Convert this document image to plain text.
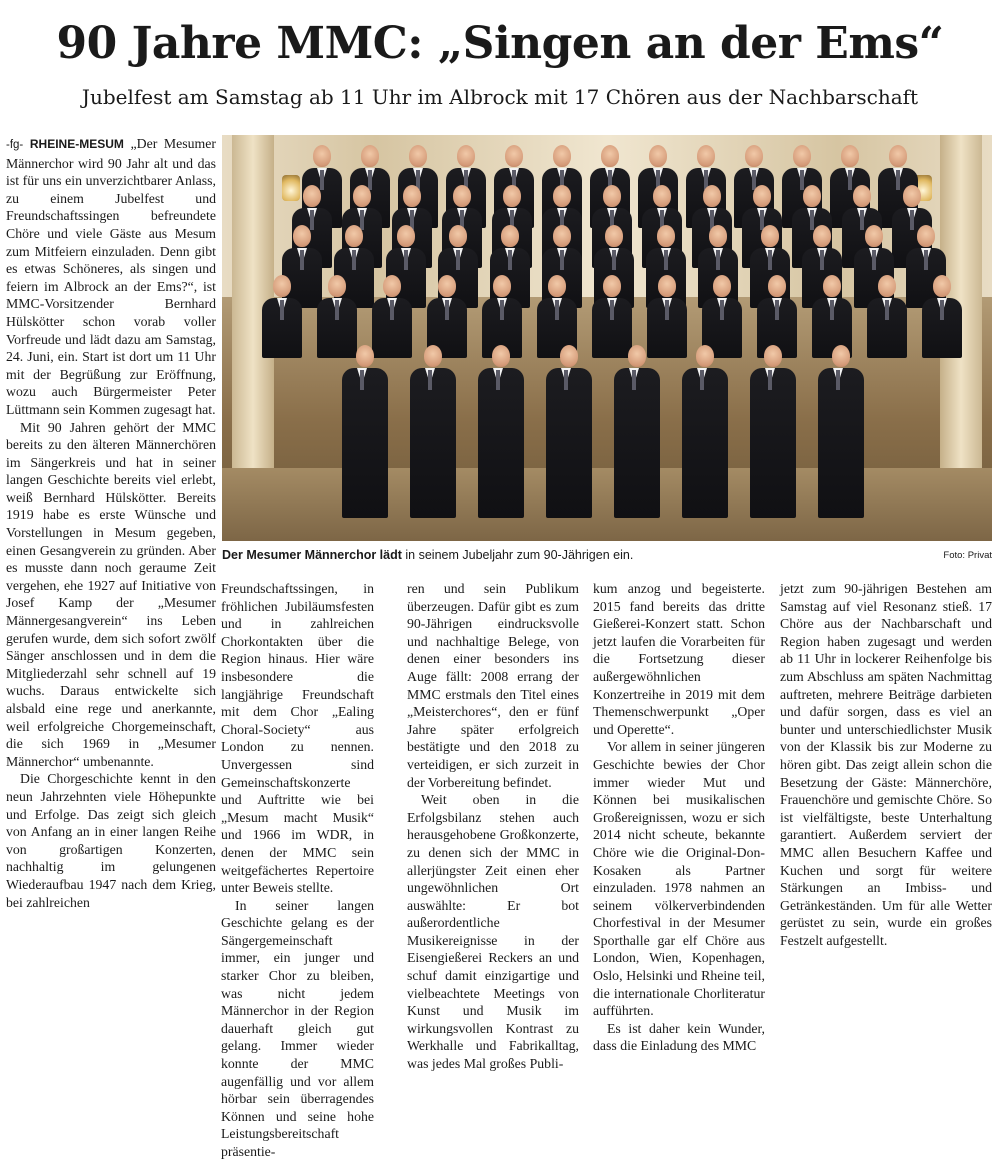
90 Jahre MMC: „Singen an der Ems“
Jubelfest am Samstag ab 11 Uhr im Albrock mit 17 Chören aus der Nachbarschaft

-fg- RHEINE-MESUM „Der Mesumer Männerchor wird 90 Jahr alt und das ist für uns ein unverzichtbarer Anlass, zu einem Jubelfest und Freundschaftssingen befreundete Chöre und viele Gäste aus Mesum zum Mitfeiern einzuladen. Denn gibt es etwas Schöneres, als singen und feiern im Albrock an der Ems?“, ist MMC-Vorsitzender Bernhard Hülskötter schon vorab voller Vorfreude und lädt dazu am Samstag, 24. Juni, ein. Start ist dort um 11 Uhr mit der Begrüßung zur Eröffnung, wozu auch Bürgermeister Peter Lüttmann sein Kommen zugesagt hat.

Mit 90 Jahren gehört der MMC bereits zu den älteren Männerchören im Sängerkreis und hat in seiner langen Geschichte bereits viel erlebt, weiß Bernhard Hülskötter. Bereits 1919 habe es erste Wünsche und Vorstellungen in Mesum gegeben, einen Gesangverein zu gründen. Aber es musste dann noch geraume Zeit vergehen, ehe 1927 auf Initiative von Josef Kamp der „Mesumer Männergesangverein“ ins Leben gerufen wurde, dem sich sofort zwölf Sänger anschlossen und in dem die Mitgliederzahl sehr schnell auf 19 wuchs. Daraus entwickelte sich alsbald eine rege und anerkannte, weil erfolgreiche Chorgemeinschaft, die sich 1969 in „Mesumer Männerchor“ umbenannte.

Die Chorgeschichte kennt in den neun Jahrzehnten viele Höhepunkte und Erfolge. Das zeigt sich gleich von Anfang an in einer langen Reihe von großartigen Konzerten, nachhaltig im gelungenen Wiederaufbau 1947 nach dem Krieg, bei zahlreichen

Der Mesumer Männerchor lädt in seinem Jubeljahr zum 90-Jährigen ein.	Foto: Privat

Freundschaftssingen, in fröhlichen Jubiläumsfesten und in zahlreichen Chorkontakten über die Region hinaus. Hier wäre insbesondere die langjährige Freundschaft mit dem Chor „Ealing Choral-Society“ aus London zu nennen. Unvergessen sind Gemeinschaftskonzerte und Auftritte wie bei „Mesum macht Musik“ und 1966 im WDR, in denen der MMC sein weitgefächertes Repertoire unter Beweis stellte.

In seiner langen Geschichte gelang es der Sängergemeinschaft immer, ein junger und starker Chor zu bleiben, was nicht jedem Männerchor in der Region dauerhaft gleich gut gelang. Immer wieder konnte der MMC augenfällig und vor allem hörbar sein überragendes Können und seine hohe Leistungsbereitschaft präsentie-

ren und sein Publikum überzeugen. Dafür gibt es zum 90-Jährigen eindrucksvolle und nachhaltige Belege, von denen einer besonders ins Auge fällt: 2008 errang der MMC erstmals den Titel eines „Meisterchores“, den er fünf Jahre später erfolgreich bestätigte und den 2018 zu verteidigen, er sich zurzeit in der Vorbereitung befindet.

Weit oben in die Erfolgsbilanz stehen auch herausgehobene Großkonzerte, zu denen sich der MMC in allerjüngster Zeit einen eher ungewöhnlichen Ort auswählte: Er bot außerordentliche Musikereignisse in der Eisengießerei Reckers an und schuf damit einzigartige und vielbeachtete Meetings von Kunst und Musik im wirkungsvollen Kontrast zu Werkhalle und Fabrikalltag, was jedes Mal großes Publi-

kum anzog und begeisterte. 2015 fand bereits das dritte Gießerei-Konzert statt. Schon jetzt laufen die Vorarbeiten für die Fortsetzung dieser außergewöhnlichen Konzertreihe in 2019 mit dem Themenschwerpunkt „Oper und Operette“.

Vor allem in seiner jüngeren Geschichte bewies der Chor immer wieder Mut und Können bei musikalischen Großereignissen, wozu er sich 2014 nicht scheute, bekannte Chöre wie die Original-Don-Kosaken als Partner einzuladen. 1978 nahmen an seinem völkerverbindenden Chorfestival in der Mesumer Sporthalle gar elf Chöre aus London, Wien, Kopenhagen, Oslo, Helsinki und Rheine teil, die internationale Chorliteratur aufführten.

Es ist daher kein Wunder, dass die Einladung des MMC

jetzt zum 90-jährigen Bestehen am Samstag auf viel Resonanz stieß. 17 Chöre aus der Nachbarschaft und Region haben zugesagt und werden ab 11 Uhr in lockerer Reihenfolge bis zum Abschluss am späten Nachmittag auftreten, mehrere Beiträge darbieten und dafür sorgen, dass es viel an bunter und unterschiedlichster Musik von der Klassik bis zur Moderne zu hören gibt. Das zeigt allein schon die Besetzung der Gäste: Männerchöre, Frauenchöre und gemischte Chöre. So ist vielfältigste, beste Unterhaltung garantiert. Außerdem serviert der MMC allen Besuchern Kaffee und Kuchen und sorgt für weitere Stärkungen an Imbiss- und Getränkeständen. Um für alle Wetter gerüstet zu sein, wurde ein großes Festzelt aufgestellt.
